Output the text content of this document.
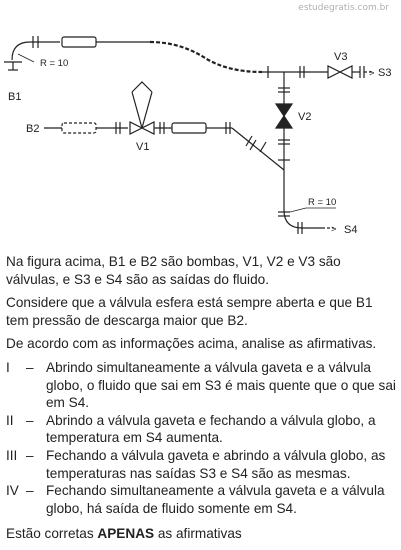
estudegratis.com.br
>
>
R = 10
B1
B2
V1
V2
V3
S3
S4
R = 10

Na figura acima, B1 e B2 são bombas, V1, V2 e V3 são válvulas, e S3 e S4 são as saídas do fluido.

Considere que a válvula esfera está sempre aberta e que B1 tem pressão de descarga maior que B2.

De acordo com as informações acima, analise as afirmativas.

I	– Abrindo simultaneamente a válvula gaveta e a válvula globo, o fluido que sai em S3 é mais quente que o que sai em S4.
II – Abrindo a válvula gaveta e fechando a válvula globo, a temperatura em S4 aumenta.
III – Fechando a válvula gaveta e abrindo a válvula globo, as temperaturas nas saídas S3 e S4 são as mesmas.
IV – Fechando simultaneamente a válvula gaveta e a válvula globo, há saída de fluido somente em S4.

Estão corretas APENAS as afirmativas
